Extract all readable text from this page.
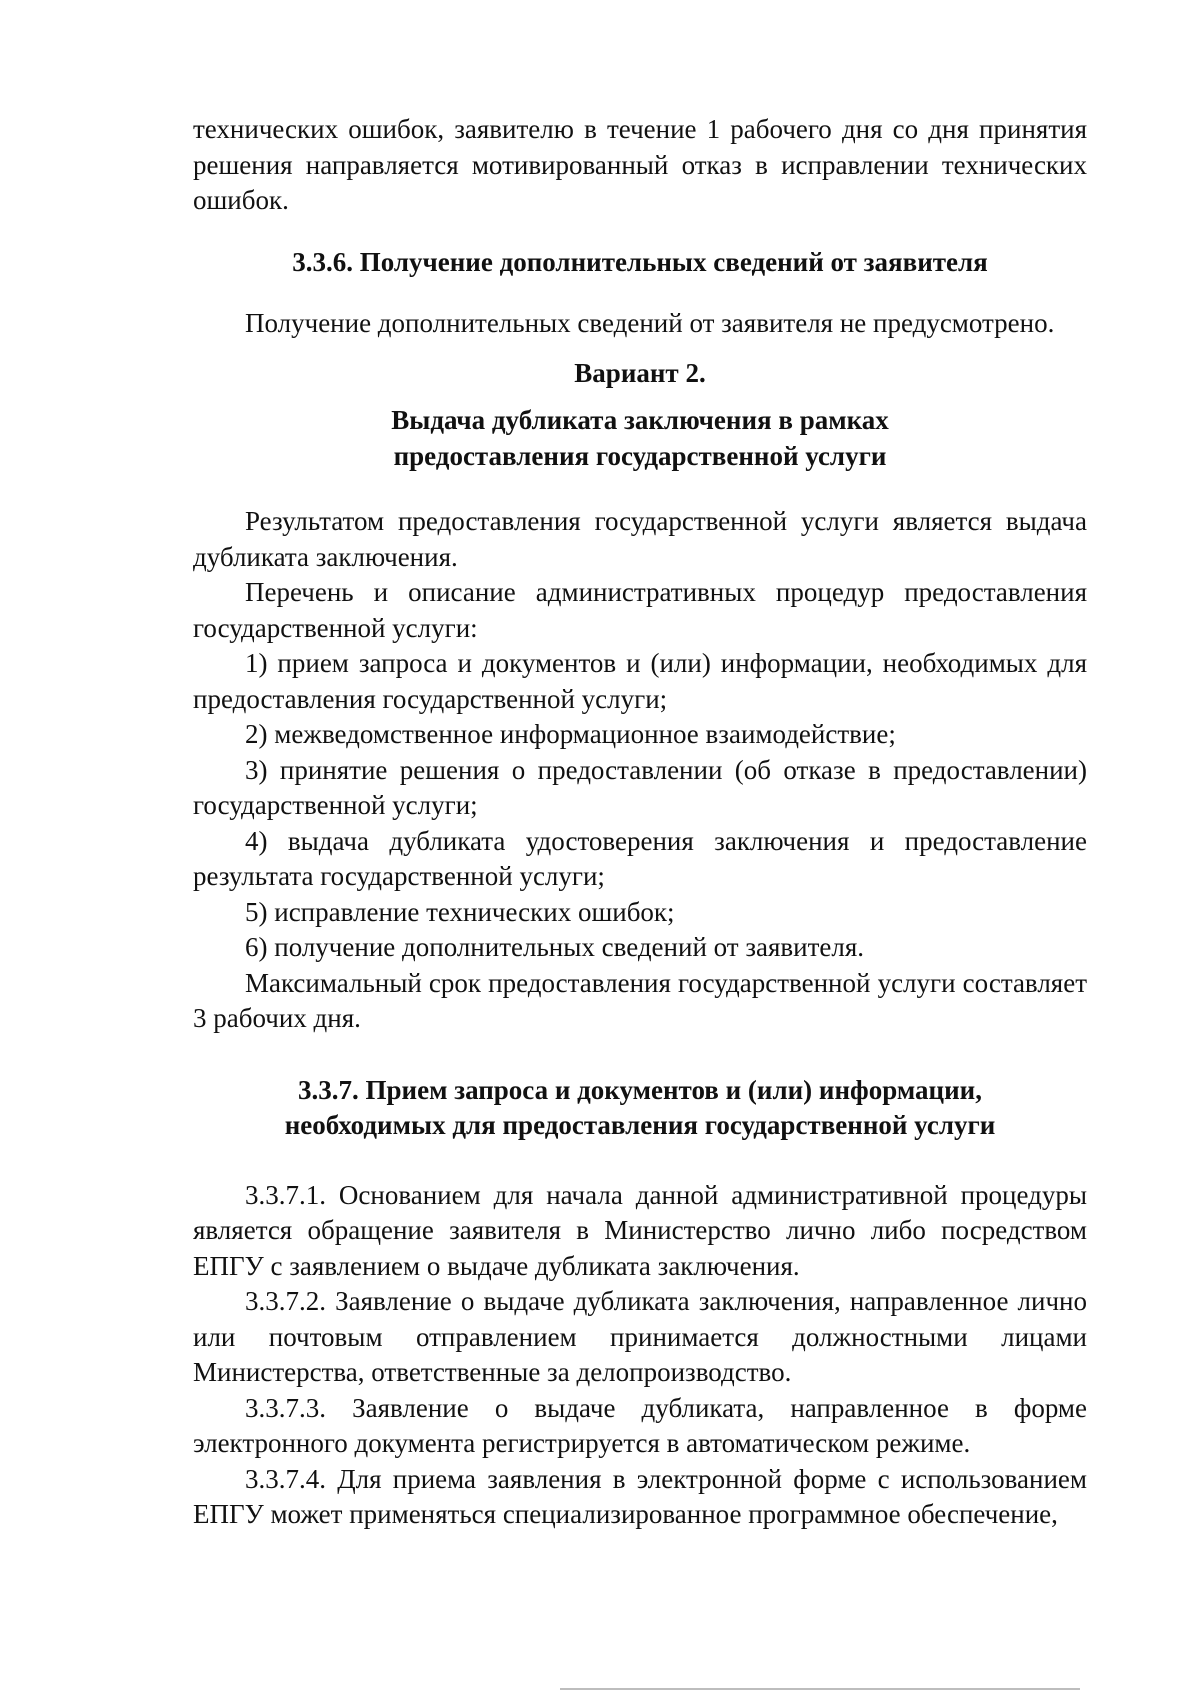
технических ошибок, заявителю в течение 1 рабочего дня со дня принятия решения направляется мотивированный отказ в исправлении технических ошибок.

3.3.6. Получение дополнительных сведений от заявителя

Получение дополнительных сведений от заявителя не предусмотрено.

Вариант 2.

Выдача дубликата заключения в рамках
предоставления государственной услуги

Результатом предоставления государственной услуги является выдача дубликата заключения.

Перечень и описание административных процедур предоставления государственной услуги:

1) прием запроса и документов и (или) информации, необходимых для предоставления государственной услуги;

2) межведомственное информационное взаимодействие;

3) принятие решения о предоставлении (об отказе в предоставлении) государственной услуги;

4) выдача дубликата удостоверения заключения и предоставление результата государственной услуги;

5) исправление технических ошибок;

6) получение дополнительных сведений от заявителя.

Максимальный срок предоставления государственной услуги составляет 3 рабочих дня.

3.3.7. Прием запроса и документов и (или) информации,
необходимых для предоставления государственной услуги

3.3.7.1. Основанием для начала данной административной процедуры является обращение заявителя в Министерство лично либо посредством ЕПГУ с заявлением о выдаче дубликата заключения.

3.3.7.2. Заявление о выдаче дубликата заключения, направленное лично или почтовым отправлением принимается должностными лицами Министерства, ответственные за делопроизводство.

3.3.7.3. Заявление о выдаче дубликата, направленное в форме электронного документа регистрируется в автоматическом режиме.

3.3.7.4. Для приема заявления в электронной форме с использованием ЕПГУ может применяться специализированное программное обеспечение,
